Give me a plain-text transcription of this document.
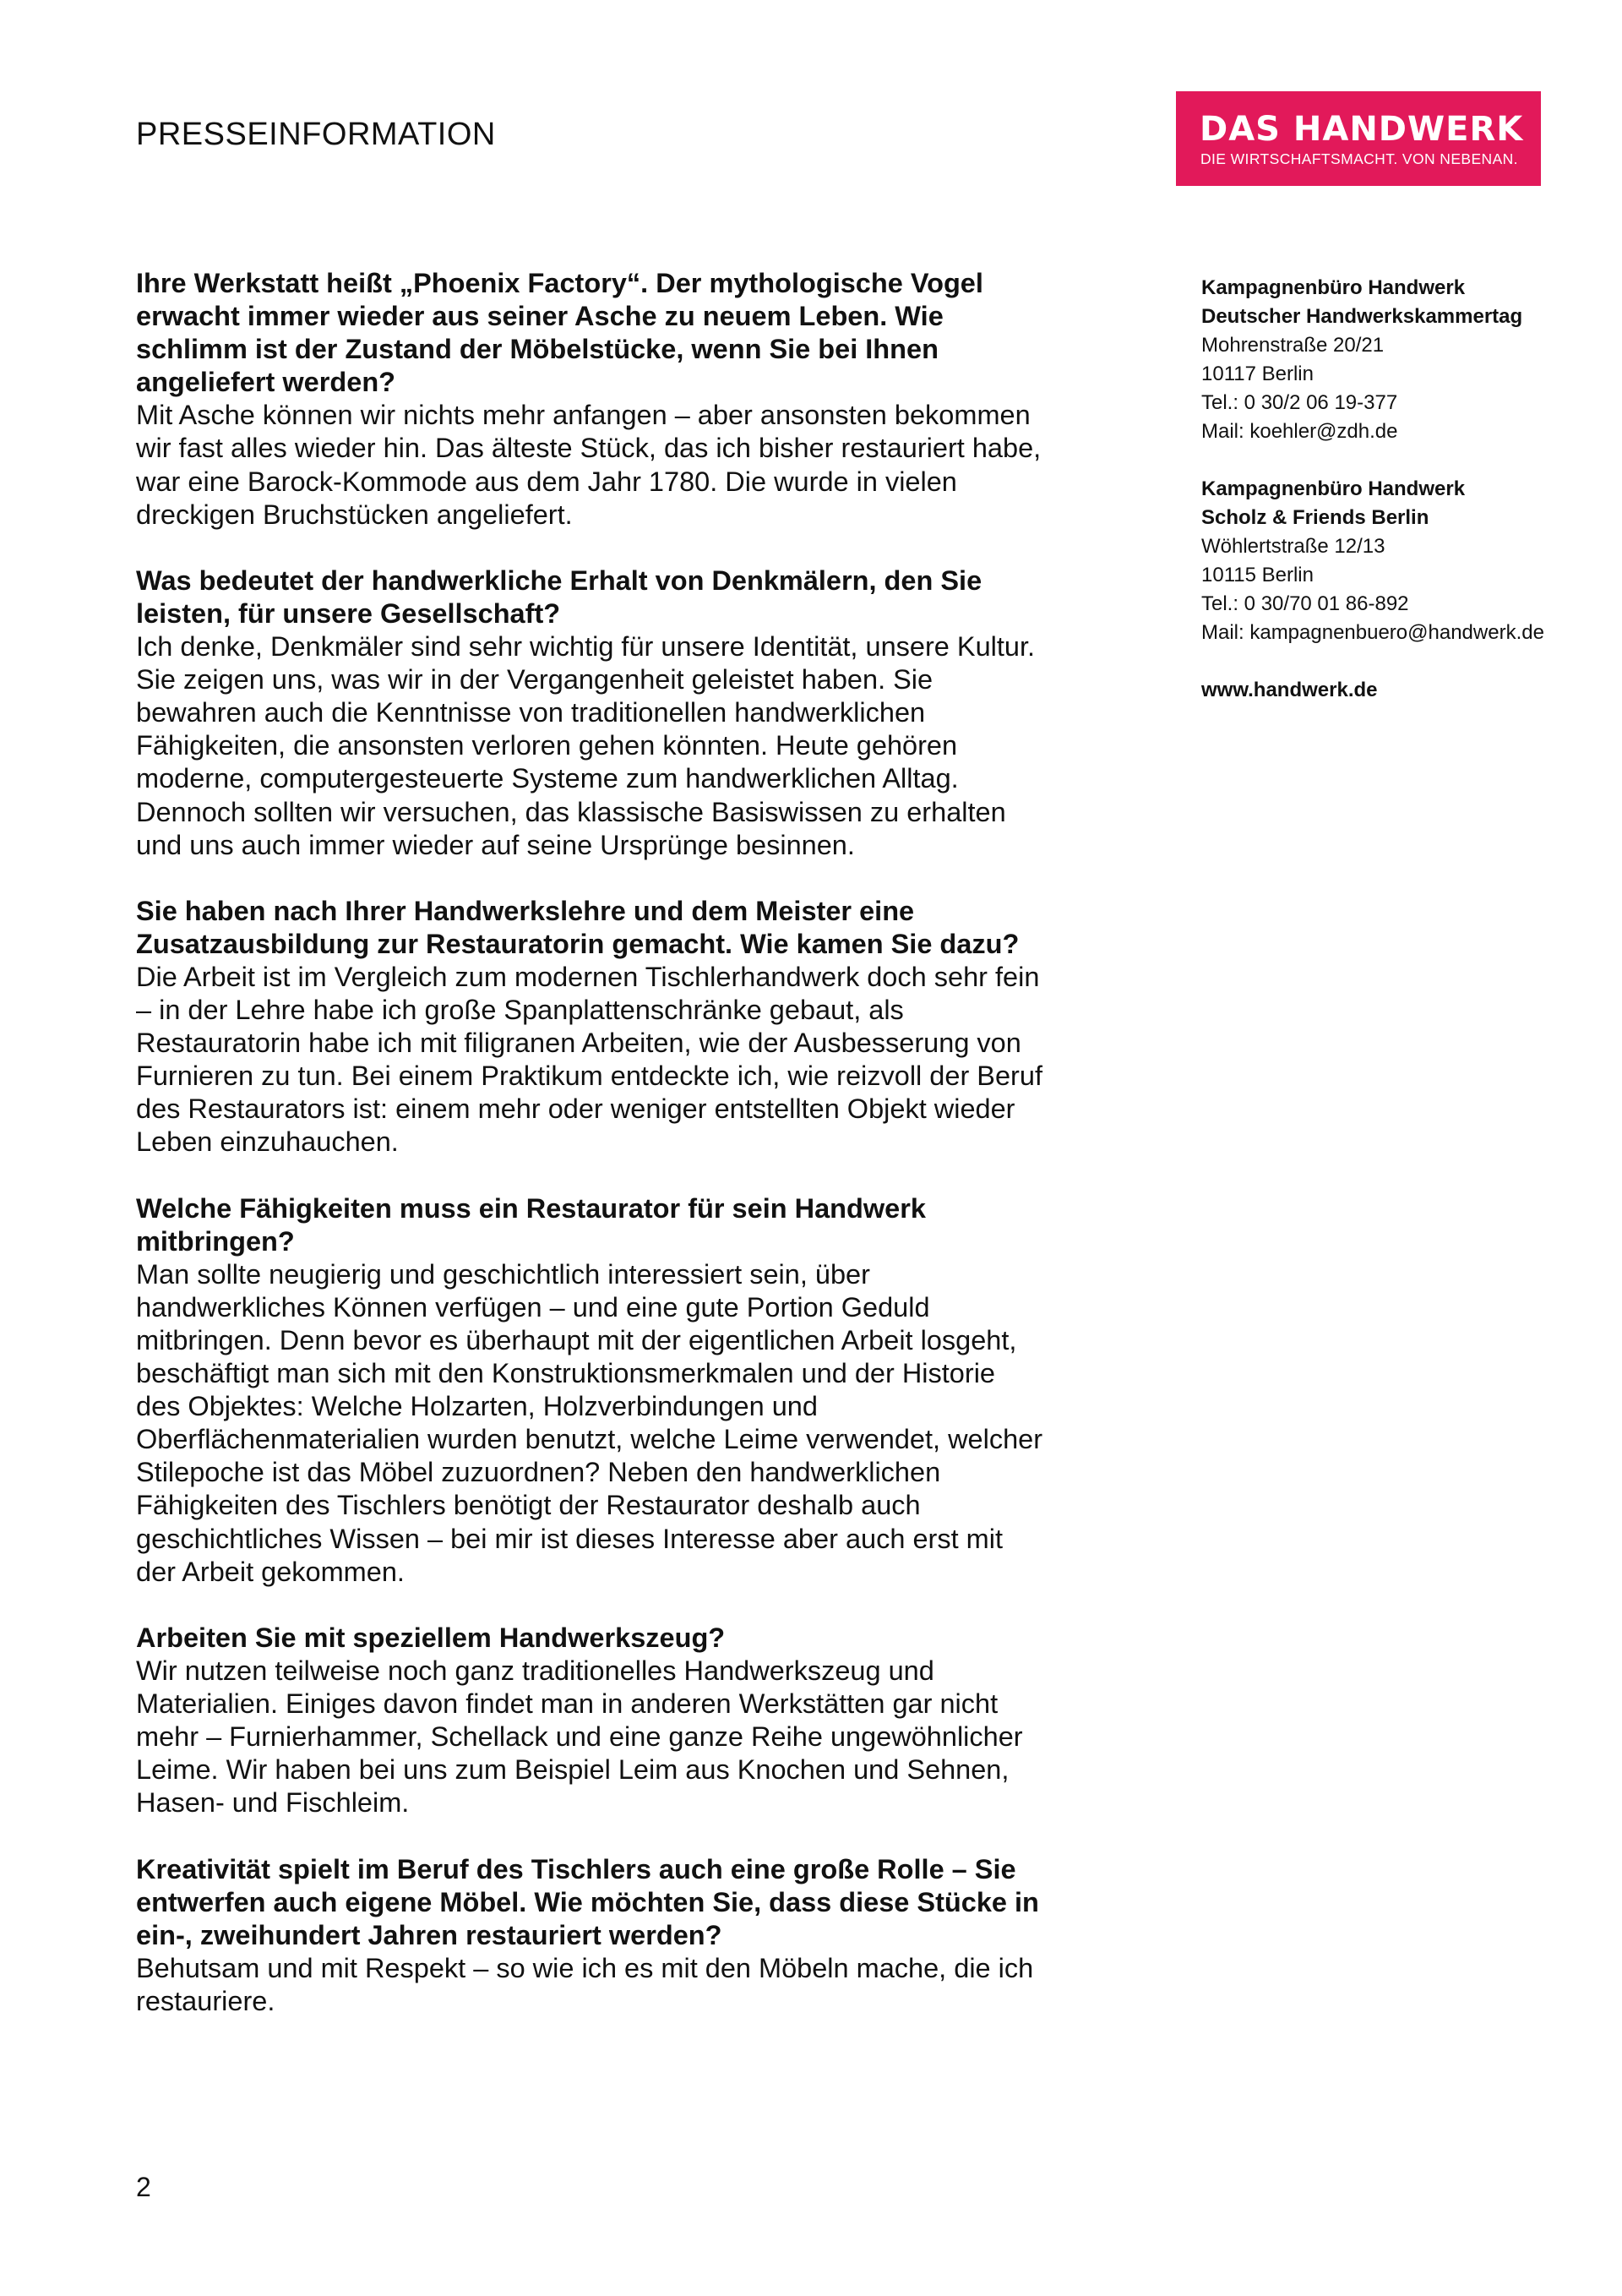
PRESSEINFORMATION	DAS HANDWERK
DIE WIRTSCHAFTSMACHT. VON NEBENAN.
Ihre Werkstatt heißt „Phoenix Factory“. Der mythologische Vogel
erwacht immer wieder aus seiner Asche zu neuem Leben. Wie
schlimm ist der Zustand der Möbelstücke, wenn Sie bei Ihnen
angeliefert werden?
Mit Asche können wir nichts mehr anfangen – aber ansonsten bekommen
wir fast alles wieder hin. Das älteste Stück, das ich bisher restauriert habe,
war eine Barock-Kommode aus dem Jahr 1780. Die wurde in vielen
dreckigen Bruchstücken angeliefert.
Was bedeutet der handwerkliche Erhalt von Denkmälern, den Sie
leisten, für unsere Gesellschaft?
Ich denke, Denkmäler sind sehr wichtig für unsere Identität, unsere Kultur.
Sie zeigen uns, was wir in der Vergangenheit geleistet haben. Sie
bewahren auch die Kenntnisse von traditionellen handwerklichen
Fähigkeiten, die ansonsten verloren gehen könnten. Heute gehören
moderne, computergesteuerte Systeme zum handwerklichen Alltag.
Dennoch sollten wir versuchen, das klassische Basiswissen zu erhalten
und uns auch immer wieder auf seine Ursprünge besinnen.
Sie haben nach Ihrer Handwerkslehre und dem Meister eine
Zusatzausbildung zur Restauratorin gemacht. Wie kamen Sie dazu?
Die Arbeit ist im Vergleich zum modernen Tischlerhandwerk doch sehr fein
– in der Lehre habe ich große Spanplattenschränke gebaut, als
Restauratorin habe ich mit filigranen Arbeiten, wie der Ausbesserung von
Furnieren zu tun. Bei einem Praktikum entdeckte ich, wie reizvoll der Beruf
des Restaurators ist: einem mehr oder weniger entstellten Objekt wieder
Leben einzuhauchen.
Welche Fähigkeiten muss ein Restaurator für sein Handwerk
mitbringen?
Man sollte neugierig und geschichtlich interessiert sein, über
handwerkliches Können verfügen – und eine gute Portion Geduld
mitbringen. Denn bevor es überhaupt mit der eigentlichen Arbeit losgeht,
beschäftigt man sich mit den Konstruktionsmerkmalen und der Historie
des Objektes: Welche Holzarten, Holzverbindungen und
Oberflächenmaterialien wurden benutzt, welche Leime verwendet, welcher
Stilepoche ist das Möbel zuzuordnen? Neben den handwerklichen
Fähigkeiten des Tischlers benötigt der Restaurator deshalb auch
geschichtliches Wissen – bei mir ist dieses Interesse aber auch erst mit
der Arbeit gekommen.
Arbeiten Sie mit speziellem Handwerkszeug?
Wir nutzen teilweise noch ganz traditionelles Handwerkszeug und
Materialien. Einiges davon findet man in anderen Werkstätten gar nicht
mehr – Furnierhammer, Schellack und eine ganze Reihe ungewöhnlicher
Leime. Wir haben bei uns zum Beispiel Leim aus Knochen und Sehnen,
Hasen- und Fischleim.
Kreativität spielt im Beruf des Tischlers auch eine große Rolle – Sie
entwerfen auch eigene Möbel. Wie möchten Sie, dass diese Stücke in
ein-, zweihundert Jahren restauriert werden?
Behutsam und mit Respekt – so wie ich es mit den Möbeln mache, die ich
restauriere.
Kampagnenbüro Handwerk
Deutscher Handwerkskammertag
Mohrenstraße 20/21
10117 Berlin
Tel.: 0 30/2 06 19-377
Mail: koehler@zdh.de
Kampagnenbüro Handwerk
Scholz & Friends Berlin
Wöhlertstraße 12/13
10115 Berlin
Tel.: 0 30/70 01 86-892
Mail: kampagnenbuero@handwerk.de
www.handwerk.de
2
